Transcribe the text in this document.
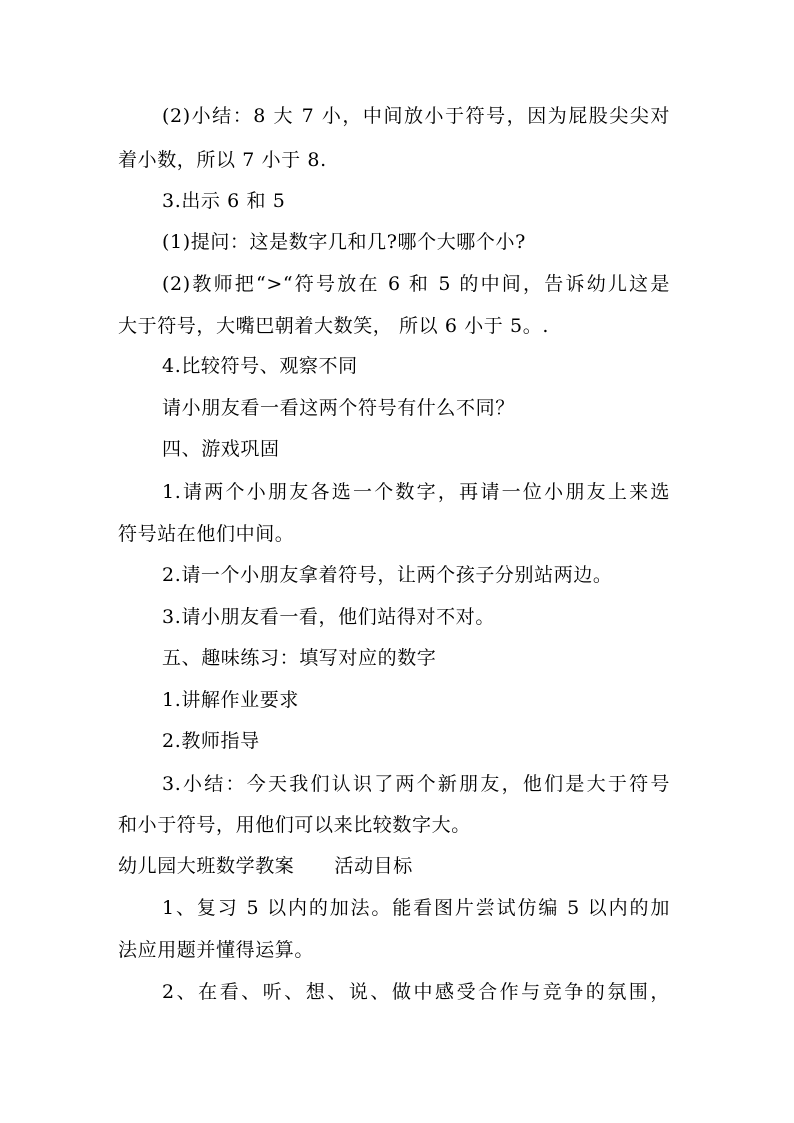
(2)小结：8 大 7 小，中间放小于符号，因为屁股尖尖对
着小数，所以 7 小于 8.
3.出示 6 和 5
(1)提问：这是数字几和几?哪个大哪个小?
(2)教师把“>“符号放在 6 和 5 的中间，告诉幼儿这是
大于符号，大嘴巴朝着大数笑， 所以 6 小于 5。.
4.比较符号、观察不同
请小朋友看一看这两个符号有什么不同？
四、游戏巩固
1.请两个小朋友各选一个数字，再请一位小朋友上来选
符号站在他们中间。
2.请一个小朋友拿着符号，让两个孩子分别站两边。
3.请小朋友看一看，他们站得对不对。
五、趣味练习：填写对应的数字
1.讲解作业要求
2.教师指导
3.小结：今天我们认识了两个新朋友，他们是大于符号
和小于符号，用他们可以来比较数字大。
幼儿园大班数学教案 活动目标
1、复习 5 以内的加法。能看图片尝试仿编 5 以内的加
法应用题并懂得运算。
2、在看、听、想、说、做中感受合作与竞争的氛围，
